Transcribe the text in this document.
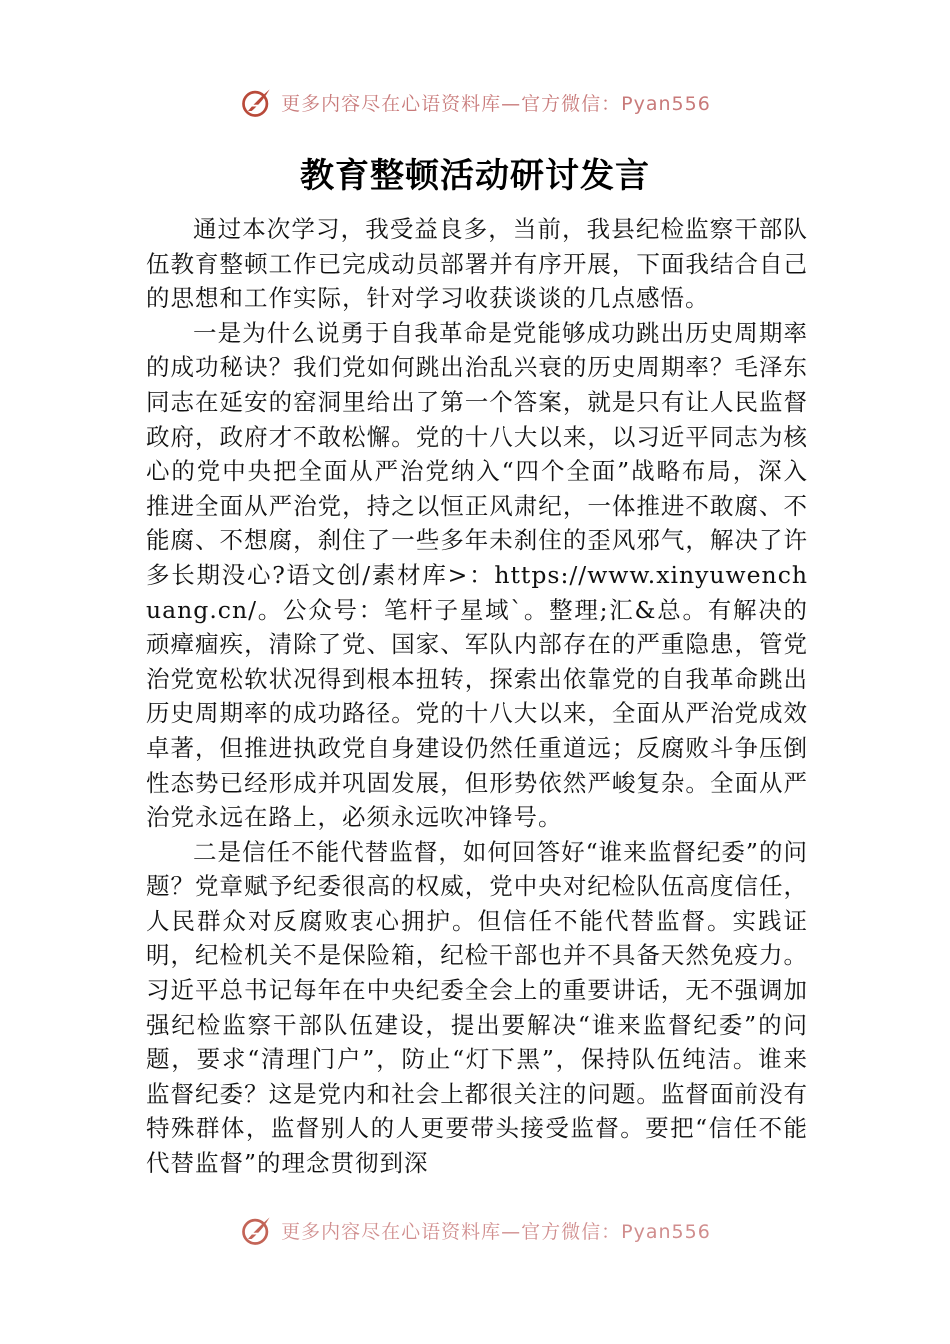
更多内容尽在心语资料库—官方微信：Pyan556
教育整顿活动研讨发言

通过本次学习，我受益良多，当前，我县纪检监察干部队伍教育整顿工作已完成动员部署并有序开展，下面我结合自己的思想和工作实际，针对学习收获谈谈的几点感悟。

一是为什么说勇于自我革命是党能够成功跳出历史周期率的成功秘诀？我们党如何跳出治乱兴衰的历史周期率？毛泽东同志在延安的窑洞里给出了第一个答案，就是只有让人民监督政府，政府才不敢松懈。党的十八大以来，以习近平同志为核心的党中央把全面从严治党纳入“四个全面”战略布局，深入推进全面从严治党，持之以恒正风肃纪，一体推进不敢腐、不能腐、不想腐，刹住了一些多年未刹住的歪风邪气，解决了许多长期没心?语文创/素材库>：https://www.xinyuwenchuang.cn/。公众号：笔杆子星域`。整理;汇&总。有解决的顽瘴痼疾，清除了党、国家、军队内部存在的严重隐患，管党治党宽松软状况得到根本扭转，探索出依靠党的自我革命跳出历史周期率的成功路径。党的十八大以来，全面从严治党成效卓著，但推进执政党自身建设仍然任重道远；反腐败斗争压倒性态势已经形成并巩固发展，但形势依然严峻复杂。全面从严治党永远在路上，必须永远吹冲锋号。

二是信任不能代替监督，如何回答好“谁来监督纪委”的问题？党章赋予纪委很高的权威，党中央对纪检队伍高度信任，人民群众对反腐败衷心拥护。但信任不能代替监督。实践证明，纪检机关不是保险箱，纪检干部也并不具备天然免疫力。习近平总书记每年在中央纪委全会上的重要讲话，无不强调加强纪检监察干部队伍建设，提出要解决“谁来监督纪委”的问题，要求“清理门户”，防止“灯下黑”，保持队伍纯洁。谁来监督纪委？这是党内和社会上都很关注的问题。监督面前没有特殊群体，监督别人的人更要带头接受监督。要把“信任不能代替监督”的理念贯彻到深

更多内容尽在心语资料库—官方微信：Pyan556
